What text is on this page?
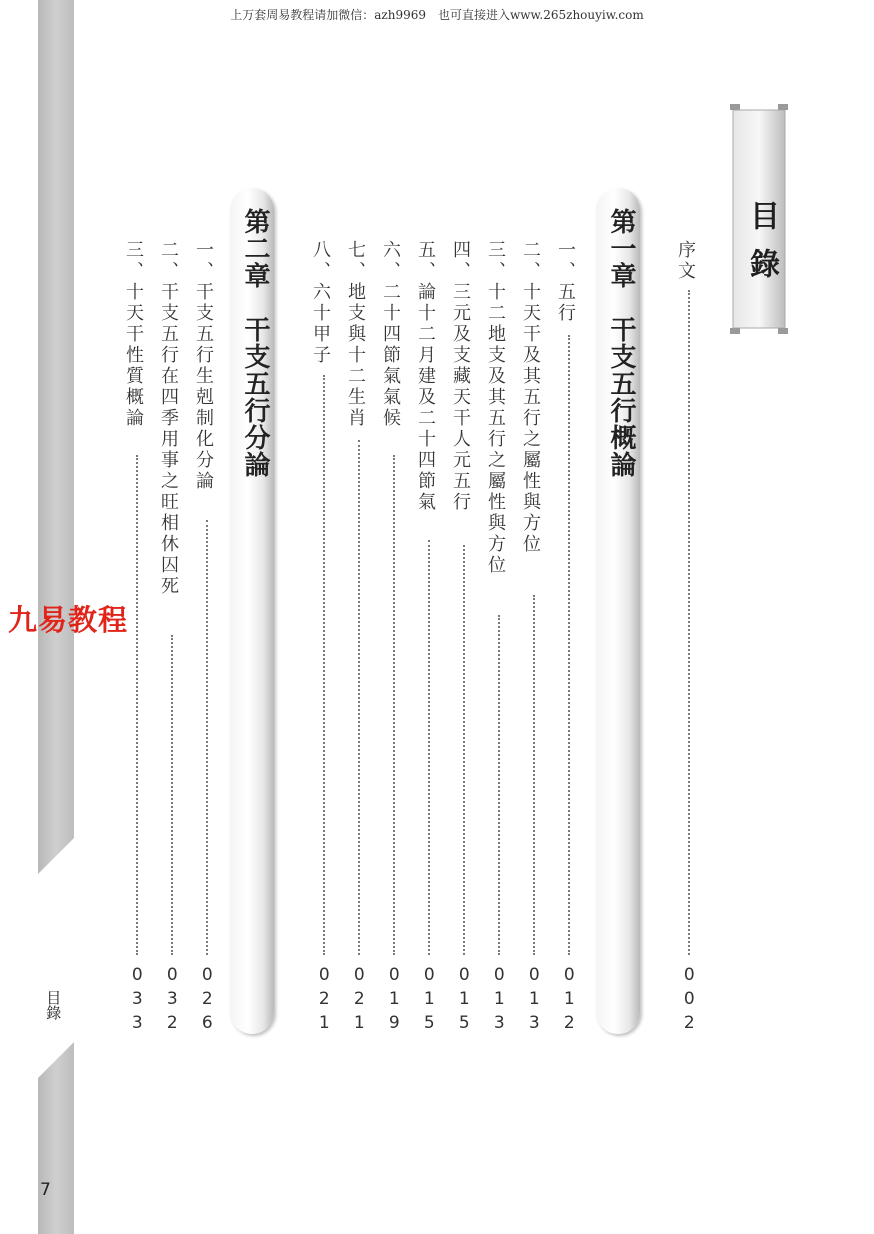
上万套周易教程请加微信：azh9969　也可直接进入www.265zhouyiw.com
九易教程
目錄
7
目錄
序文
002
第一章　干支五行概論
一、五行
012
二、十天干及其五行之屬性與方位
013
三、十二地支及其五行之屬性與方位
013
四、三元及支藏天干人元五行
015
五、論十二月建及二十四節氣
015
六、二十四節氣氣候
019
七、地支與十二生肖
021
八、六十甲子
021
第二章　干支五行分論
一、干支五行生剋制化分論
026
二、干支五行在四季用事之旺相休囚死
032
三、十天干性質概論
033
